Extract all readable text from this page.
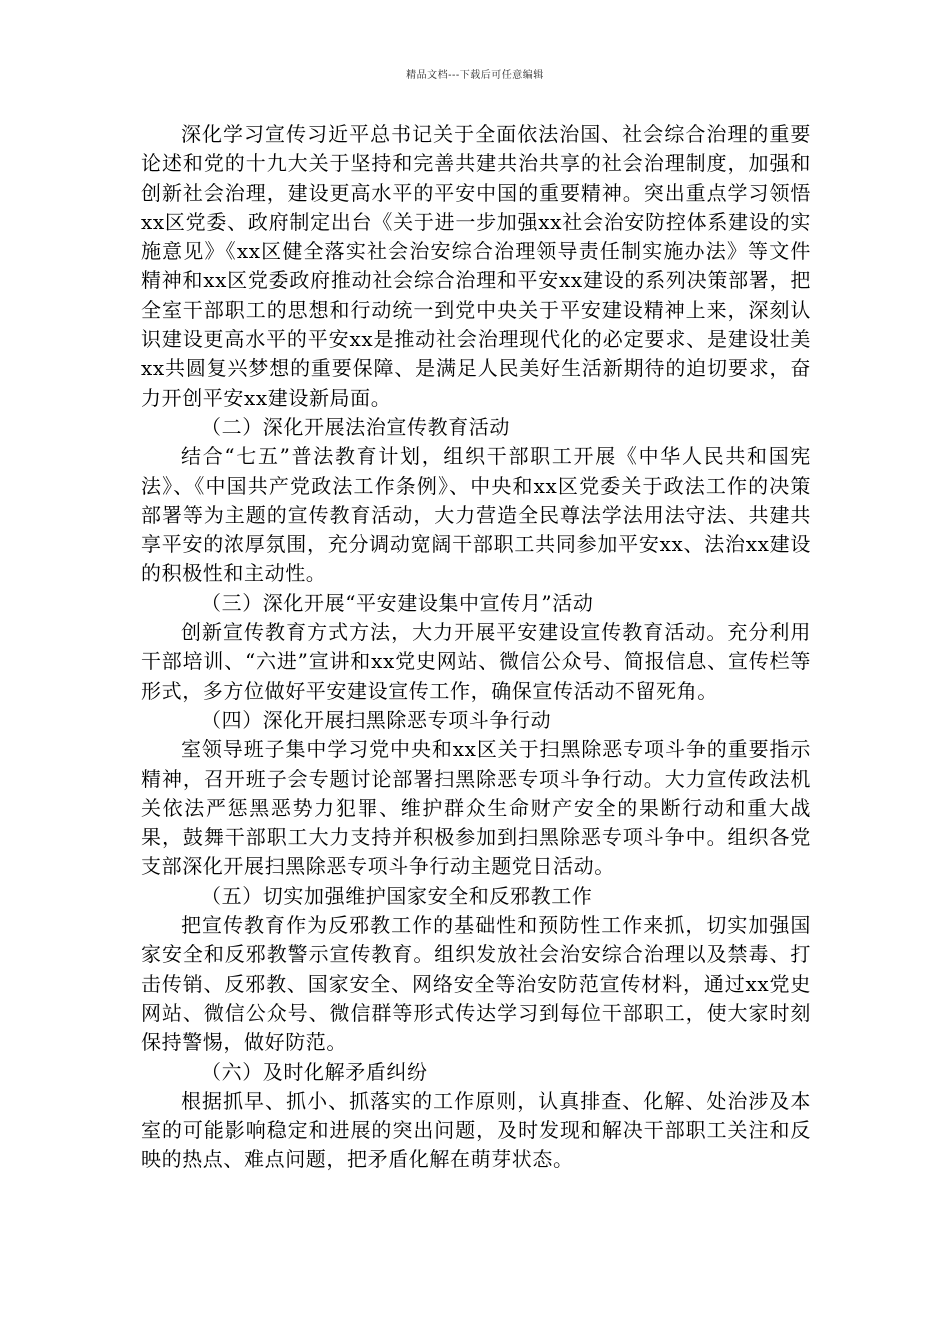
精品文档---下载后可任意编辑

深化学习宣传习近平总书记关于全面依法治国、社会综合治理的重要论述和党的十九大关于坚持和完善共建共治共享的社会治理制度，加强和创新社会治理，建设更高水平的平安中国的重要精神。突出重点学习领悟xx区党委、政府制定出台《关于进一步加强xx社会治安防控体系建设的实施意见》《xx区健全落实社会治安综合治理领导责任制实施办法》等文件精神和xx区党委政府推动社会综合治理和平安xx建设的系列决策部署，把全室干部职工的思想和行动统一到党中央关于平安建设精神上来，深刻认识建设更高水平的平安xx是推动社会治理现代化的必定要求、是建设壮美xx共圆复兴梦想的重要保障、是满足人民美好生活新期待的迫切要求，奋力开创平安xx建设新局面。

（二）深化开展法治宣传教育活动

结合“七五”普法教育计划，组织干部职工开展《中华人民共和国宪法》、《中国共产党政法工作条例》、中央和xx区党委关于政法工作的决策部署等为主题的宣传教育活动，大力营造全民尊法学法用法守法、共建共享平安的浓厚氛围，充分调动宽阔干部职工共同参加平安xx、法治xx建设的积极性和主动性。

（三）深化开展“平安建设集中宣传月”活动

创新宣传教育方式方法，大力开展平安建设宣传教育活动。充分利用干部培训、“六进”宣讲和xx党史网站、微信公众号、简报信息、宣传栏等形式，多方位做好平安建设宣传工作，确保宣传活动不留死角。

（四）深化开展扫黑除恶专项斗争行动

室领导班子集中学习党中央和xx区关于扫黑除恶专项斗争的重要指示精神，召开班子会专题讨论部署扫黑除恶专项斗争行动。大力宣传政法机关依法严惩黑恶势力犯罪、维护群众生命财产安全的果断行动和重大战果，鼓舞干部职工大力支持并积极参加到扫黑除恶专项斗争中。组织各党支部深化开展扫黑除恶专项斗争行动主题党日活动。

（五）切实加强维护国家安全和反邪教工作

把宣传教育作为反邪教工作的基础性和预防性工作来抓，切实加强国家安全和反邪教警示宣传教育。组织发放社会治安综合治理以及禁毒、打击传销、反邪教、国家安全、网络安全等治安防范宣传材料，通过xx党史网站、微信公众号、微信群等形式传达学习到每位干部职工，使大家时刻保持警惕，做好防范。

（六）及时化解矛盾纠纷

根据抓早、抓小、抓落实的工作原则，认真排查、化解、处治涉及本室的可能影响稳定和进展的突出问题，及时发现和解决干部职工关注和反映的热点、难点问题，把矛盾化解在萌芽状态。
